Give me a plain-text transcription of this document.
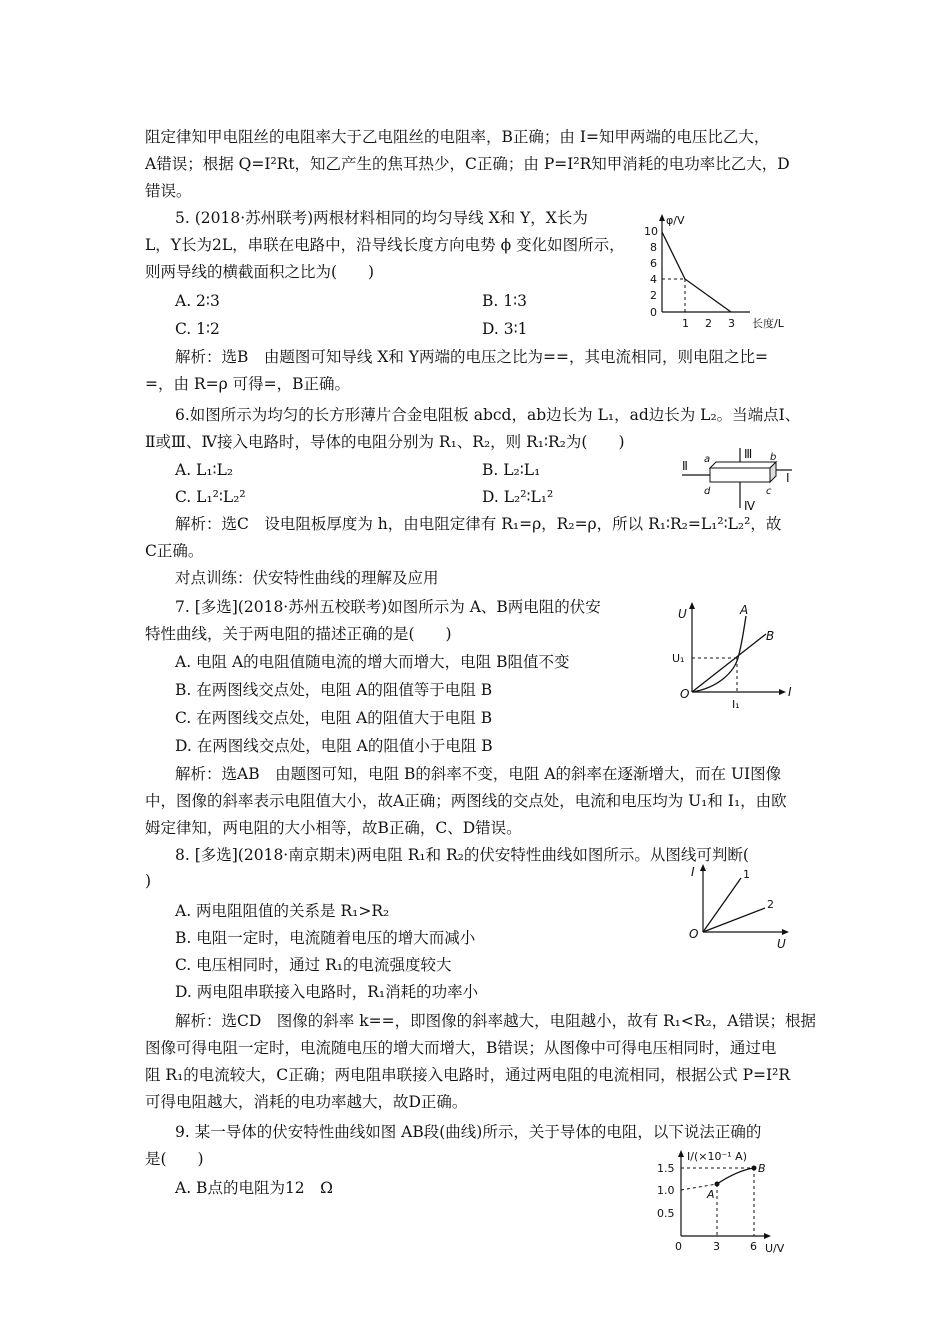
阻定律知甲电阻丝的电阻率大于乙电阻丝的电阻率，B正确；由 I=知甲两端的电压比乙大，
A错误；根据 Q=I²Rt，知乙产生的焦耳热少，C正确；由 P=I²R知甲消耗的电功率比乙大，D
错误。
5. (2018·苏州联考)两根材料相同的均匀导线 X和 Y，X长为
L，Y长为2L，串联在电路中，沿导线长度方向电势 ϕ 变化如图所示，
则两导线的横截面积之比为(　　)
A. 2∶3	B. 1∶3
C. 1∶2	D. 3∶1
解析：选B　由题图可知导线 X和 Y两端的电压之比为==，其电流相同，则电阻之比=
=，由 R=ρ 可得=，B正确。
φ/V
长度/L
10
8
6
4
2
0
1 2 3
6.如图所示为均匀的长方形薄片合金电阻板 abcd，ab边长为 L₁，ad边长为 L₂。当端点Ⅰ、
Ⅱ或Ⅲ、Ⅳ接入电路时，导体的电阻分别为 R₁、R₂，则 R₁∶R₂为(　　)
A. L₁∶L₂	B. L₂∶L₁
C. L₁²∶L₂²	D. L₂²∶L₁²
解析：选C　设电阻板厚度为 h，由电阻定律有 R₁=ρ，R₂=ρ，所以 R₁∶R₂=L₁²∶L₂²，故
C正确。
a	b
c
d
Ⅰ
Ⅱ
Ⅲ
Ⅳ
对点训练：伏安特性曲线的理解及应用
7. [多选](2018·苏州五校联考)如图所示为 A、B两电阻的伏安
特性曲线，关于两电阻的描述正确的是(　　)
A. 电阻 A的电阻值随电流的增大而增大，电阻 B阻值不变
B. 在两图线交点处，电阻 A的阻值等于电阻 B
C. 在两图线交点处，电阻 A的阻值大于电阻 B
D. 在两图线交点处，电阻 A的阻值小于电阻 B
解析：选AB　由题图可知，电阻 B的斜率不变，电阻 A的斜率在逐渐增大，而在 UI图像
中，图像的斜率表示电阻值大小，故A正确；两图线的交点处，电流和电压均为 U₁和 I₁，由欧
姆定律知，两电阻的大小相等，故B正确，C、D错误。
U
I
O
A
B
U₁
I₁
8. [多选](2018·南京期末)两电阻 R₁和 R₂的伏安特性曲线如图所示。从图线可判断(
)
A. 两电阻阻值的关系是 R₁>R₂
B. 电阻一定时，电流随着电压的增大而减小
C. 电压相同时，通过 R₁的电流强度较大
D. 两电阻串联接入电路时，R₁消耗的功率小
解析：选CD　图像的斜率 k==，即图像的斜率越大，电阻越小，故有 R₁<R₂，A错误；根据
图像可得电阻一定时，电流随电压的增大而增大，B错误；从图像中可得电压相同时，通过电
阻 R₁的电流较大，C正确；两电阻串联接入电路时，通过两电阻的电流相同，根据公式 P=I²R
可得电阻越大，消耗的电功率越大，故D正确。
I
U
O
1
2
9. 某一导体的伏安特性曲线如图 AB段(曲线)所示，关于导体的电阻，以下说法正确的
是(　　)
A. B点的电阻为12　Ω
I/(×10⁻¹ A)
U/V
1.5
1.0
0.5
0	3	6
A
B
